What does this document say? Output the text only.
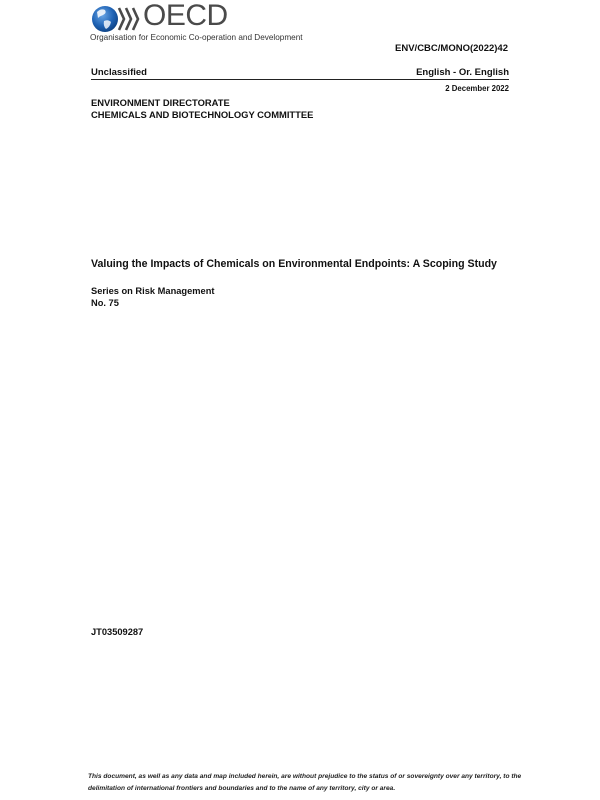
OECD
Organisation for Economic Co-operation and Development
ENV/CBC/MONO(2022)42
Unclassified	English - Or. English
2 December 2022
ENVIRONMENT DIRECTORATE
CHEMICALS AND BIOTECHNOLOGY COMMITTEE
Valuing the Impacts of Chemicals on Environmental Endpoints: A Scoping Study
Series on Risk Management
No. 75
JT03509287
This document, as well as any data and map included herein, are without prejudice to the status of or sovereignty over any territory, to the delimitation of international frontiers and boundaries and to the name of any territory, city or area.
